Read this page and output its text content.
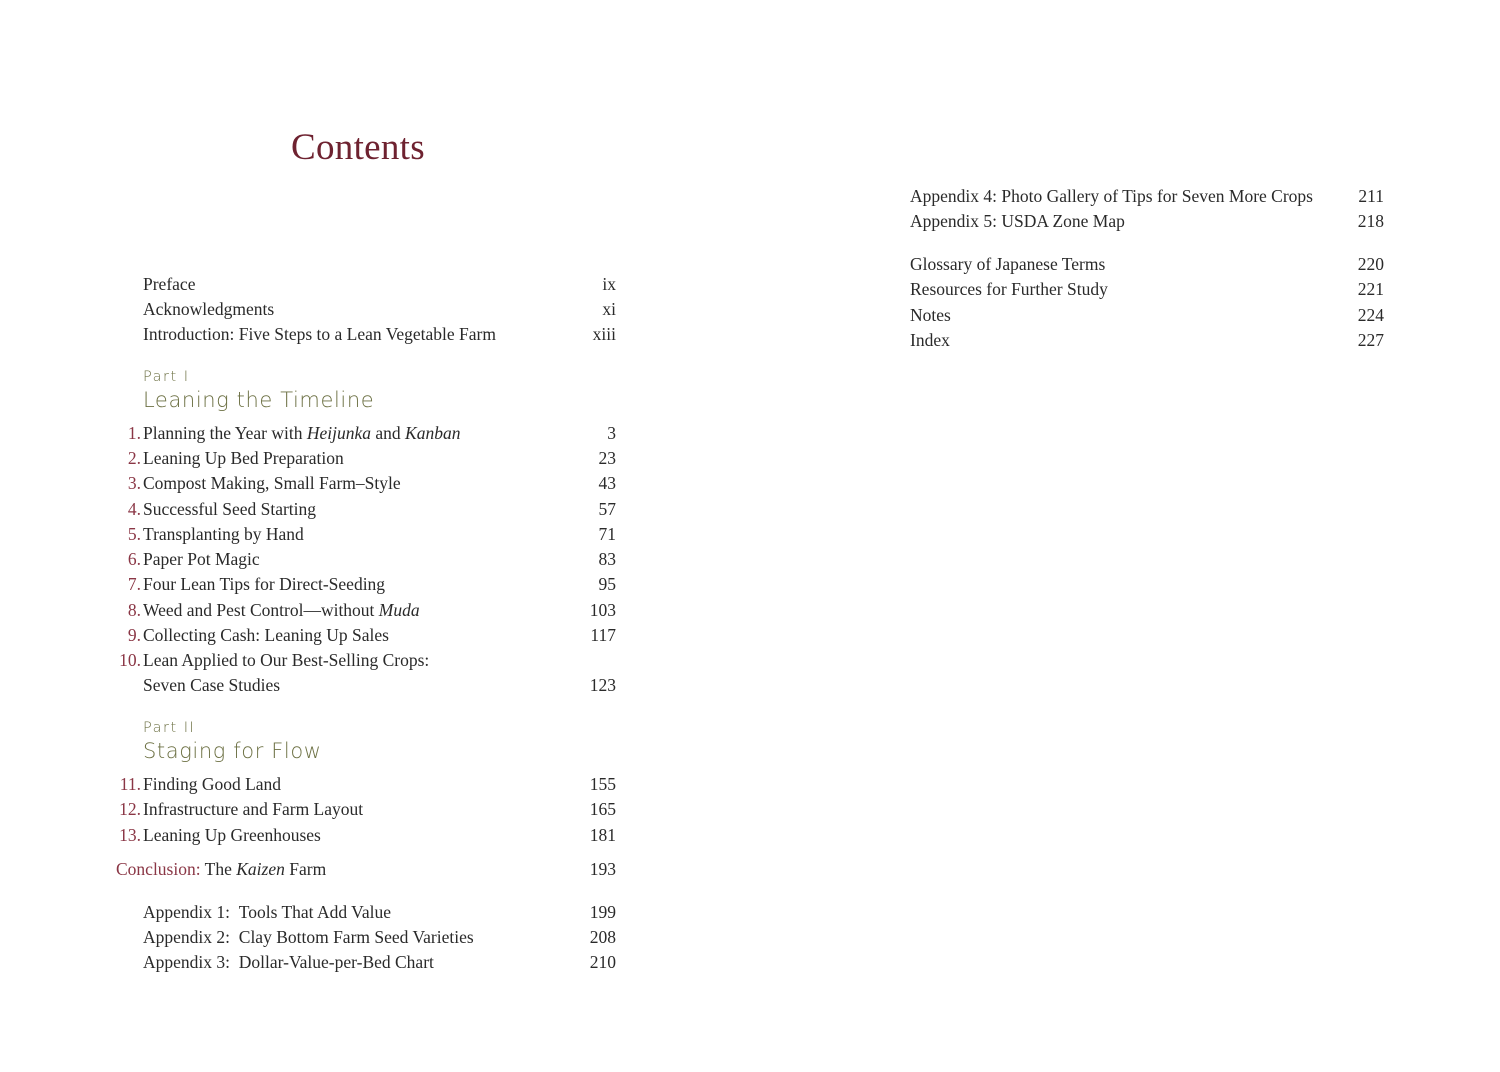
Contents
Preface	ix
Acknowledgments	xi
Introduction: Five Steps to a Lean Vegetable Farm	xiii
Part I
Leaning the Timeline
1. Planning the Year with Heijunka and Kanban	3
2. Leaning Up Bed Preparation	23
3. Compost Making, Small Farm–Style	43
4. Successful Seed Starting	57
5. Transplanting by Hand	71
6. Paper Pot Magic	83
7. Four Lean Tips for Direct-Seeding	95
8. Weed and Pest Control—without Muda	103
9. Collecting Cash: Leaning Up Sales	117
10. Lean Applied to Our Best-Selling Crops:
Seven Case Studies	123
Part II
Staging for Flow
11. Finding Good Land	155
12. Infrastructure and Farm Layout	165
13. Leaning Up Greenhouses	181
Conclusion: The Kaizen Farm	193
Appendix 1: Tools That Add Value	199
Appendix 2: Clay Bottom Farm Seed Varieties	208
Appendix 3: Dollar-Value-per-Bed Chart	210
Appendix 4: Photo Gallery of Tips for Seven More Crops	211
Appendix 5: USDA Zone Map	218
Glossary of Japanese Terms	220
Resources for Further Study	221
Notes	224
Index	227
